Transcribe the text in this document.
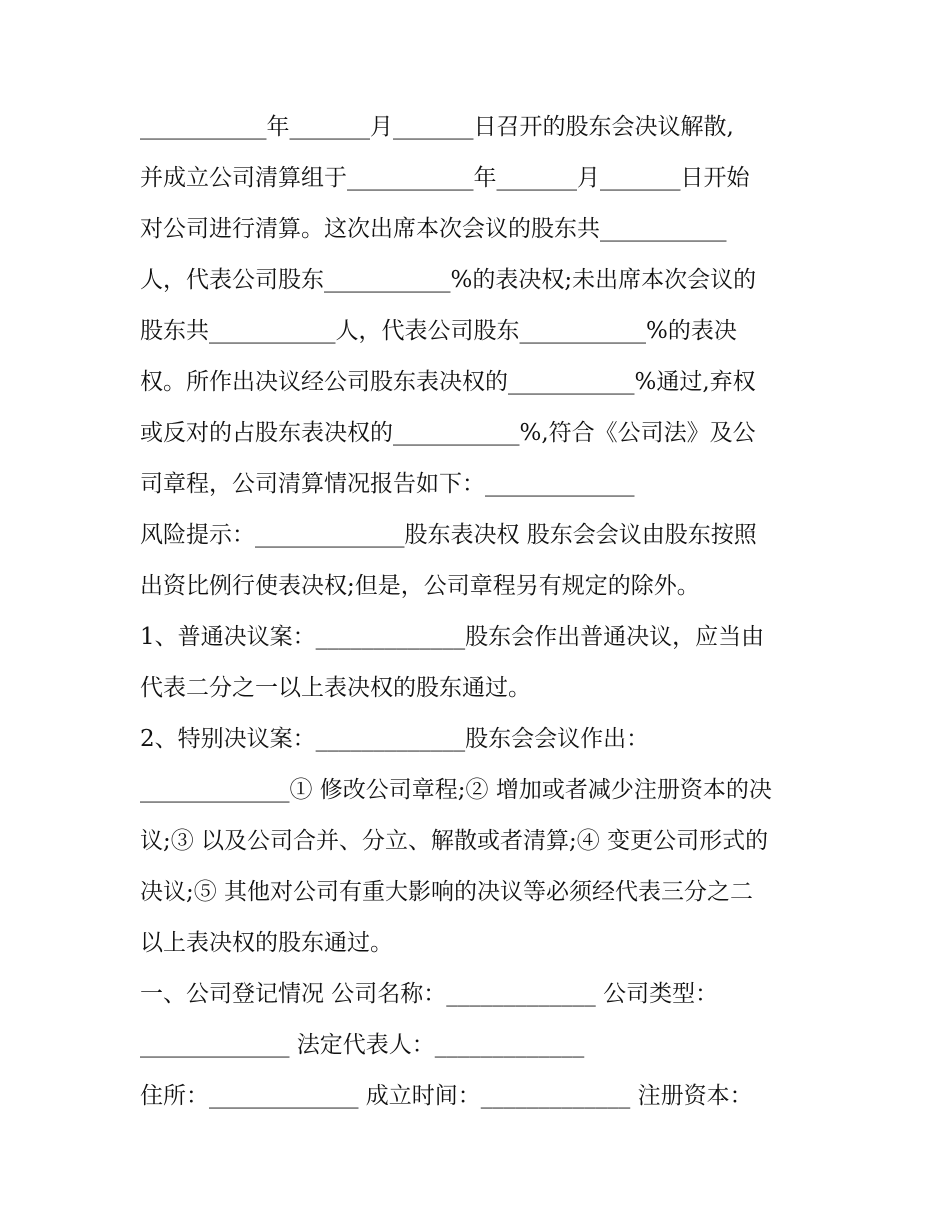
___________年_______月_______日召开的股东会决议解散,
并成立公司清算组于___________年_______月_______日开始
对公司进行清算。这次出席本次会议的股东共___________
人，代表公司股东___________%的表决权;未出席本次会议的
股东共___________人，代表公司股东___________%的表决
权。所作出决议经公司股东表决权的___________%通过,弃权
或反对的占股东表决权的___________%,符合《公司法》及公
司章程，公司清算情况报告如下：_____________
风险提示：_____________股东表决权 股东会会议由股东按照
出资比例行使表决权;但是，公司章程另有规定的除外。
1、普通决议案：_____________股东会作出普通决议，应当由
代表二分之一以上表决权的股东通过。
2、特别决议案：_____________股东会会议作出：
_____________① 修改公司章程;② 增加或者减少注册资本的决
议;③ 以及公司合并、分立、解散或者清算;④ 变更公司形式的
决议;⑤ 其他对公司有重大影响的决议等必须经代表三分之二
以上表决权的股东通过。
一、公司登记情况 公司名称：_____________ 公司类型：
_____________ 法定代表人：_____________
住所：_____________ 成立时间：_____________ 注册资本：
